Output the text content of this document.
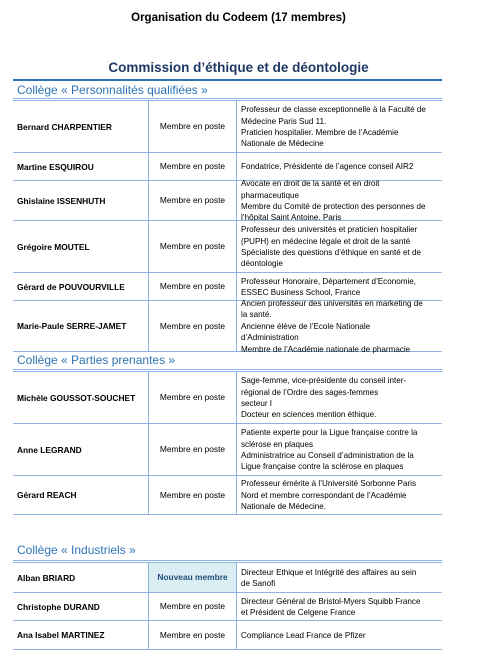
Organisation du Codeem (17 membres)
Commission d’éthique et de déontologie
Collège « Personnalités qualifiées »
Bernard CHARPENTIER	Membre en poste
Professeur de classe exceptionnelle à la Faculté de
Médecine Paris Sud 11.
Praticien hospitalier. Membre de l’Académie
Nationale de Médecine
Martine ESQUIROU	Membre en poste	Fondatrice, Présidente de l’agence conseil AIR2
Ghislaine ISSENHUTH	Membre en poste
Avocate en droit de la santé et en droit
pharmaceutique
Membre du Comité de protection des personnes de
l’hôpital Saint Antoine, Paris
Grégoire MOUTEL	Membre en poste
Professeur des universités et praticien hospitalier
(PUPH) en médecine légale et droit de la santé
Spécialiste des questions d’éthique en santé et de
déontologie
Gérard de POUVOURVILLE	Membre en poste	Professeur Honoraire, Département d’Economie,
ESSEC Business School, France
Marie-Paule SERRE-JAMET	Membre en poste
Ancien professeur des universités en marketing de
la santé.
Ancienne élève de l’Ecole Nationale
d’Administration
Membre de l’Académie nationale de pharmacie
Collège « Parties prenantes »
Michèle GOUSSOT-SOUCHET	Membre en poste
Sage-femme, vice-présidente du conseil inter-
régional de l’Ordre des sages-femmes
secteur I
Docteur en sciences mention éthique.
Anne LEGRAND	Membre en poste
Patiente experte pour la Ligue française contre la
sclérose en plaques
Administratrice au Conseil d’administration de la
Ligue française contre la sclérose en plaques
Gérard REACH	Membre en poste
Professeur émérite à l’Université Sorbonne Paris
Nord et membre correspondant de l’Académie
Nationale de Médecine.
Collège « Industriels »
Alban BRIARD	Nouveau membre	Directeur Ethique et Intégrité des affaires au sein
de Sanofi
Christophe DURAND	Membre en poste	Directeur Général de Bristol-Myers Squibb France
et Président de Celgene France
Ana Isabel MARTINEZ	Membre en poste	Compliance Lead France de Pfizer
